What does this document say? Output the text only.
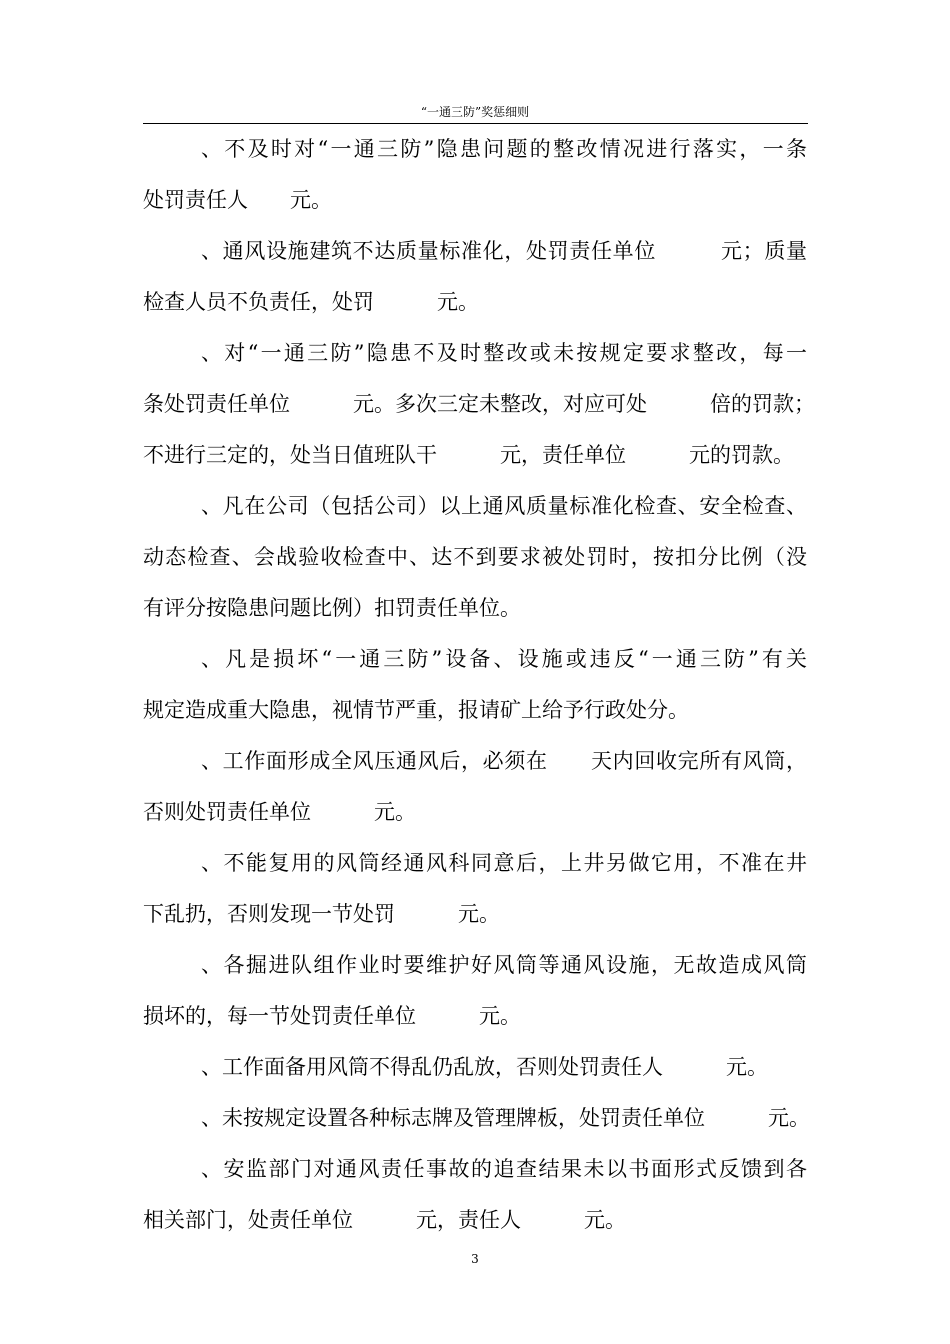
“一通三防”奖惩细则

、不及时对“一通三防”隐患问题的整改情况进行落实，一条
处罚责任人　　元。

、通风设施建筑不达质量标准化，处罚责任单位　　　元；质量
检查人员不负责任，处罚　　　元。

、对“一通三防”隐患不及时整改或未按规定要求整改，每一
条处罚责任单位　　　元。多次三定未整改，对应可处　　　倍的罚款；
不进行三定的，处当日值班队干　　　元，责任单位　　　元的罚款。

、凡在公司（包括公司）以上通风质量标准化检查、安全检查、
动态检查、会战验收检查中、达不到要求被处罚时，按扣分比例（没
有评分按隐患问题比例）扣罚责任单位。

、凡是损坏“一通三防”设备、设施或违反“一通三防”有关
规定造成重大隐患，视情节严重，报请矿上给予行政处分。

、工作面形成全风压通风后，必须在　　天内回收完所有风筒，
否则处罚责任单位　　　元。

、不能复用的风筒经通风科同意后，上井另做它用，不准在井
下乱扔，否则发现一节处罚　　　元。

、各掘进队组作业时要维护好风筒等通风设施，无故造成风筒
损坏的，每一节处罚责任单位　　　元。

、工作面备用风筒不得乱仍乱放，否则处罚责任人　　　元。

、未按规定设置各种标志牌及管理牌板，处罚责任单位　　　元。

、安监部门对通风责任事故的追查结果未以书面形式反馈到各
相关部门，处责任单位　　　元，责任人　　　元。

3
